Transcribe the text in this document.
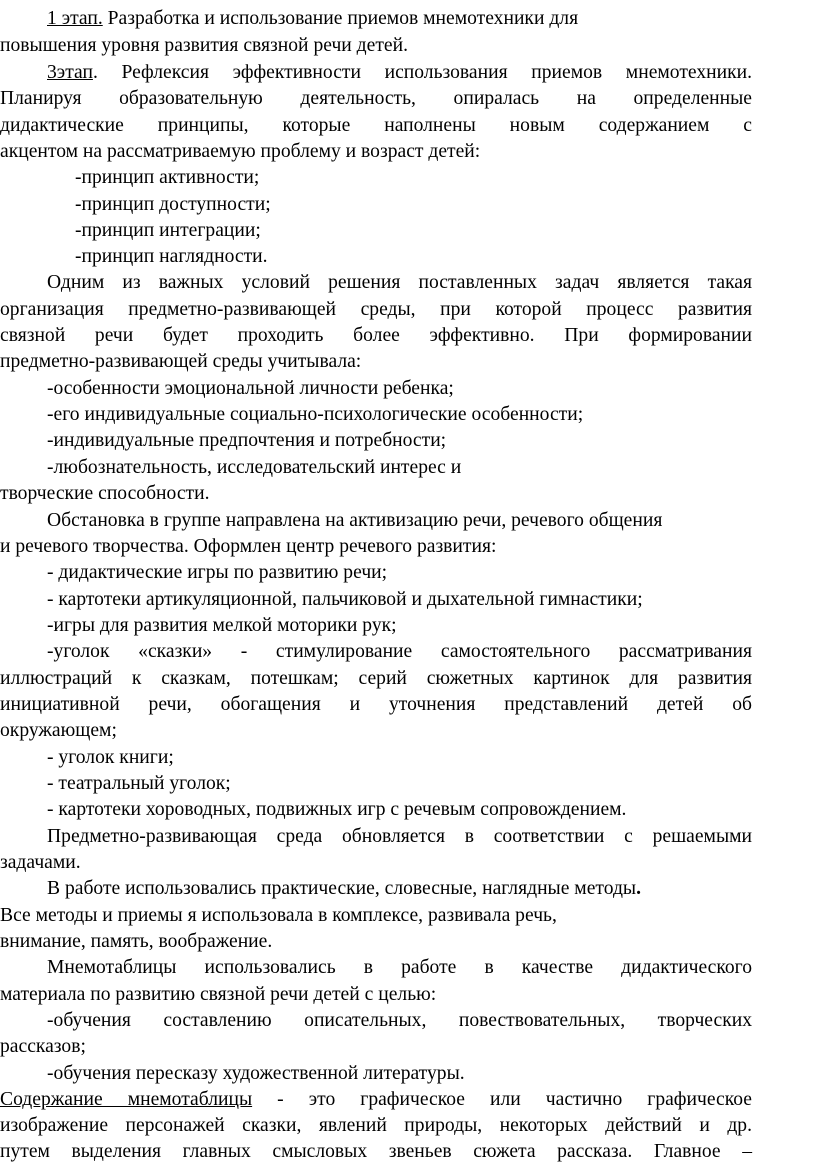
1 этап. Разработка и использование приемов мнемотехники для
повышения уровня развития связной речи детей.
3этап. Рефлексия эффективности использования приемов мнемотехники.
Планируя образовательную деятельность, опиралась на определенные
дидактические принципы, которые наполнены новым содержанием с
акцентом на рассматриваемую проблему и возраст детей:
-принцип активности;
-принцип доступности;
-принцип интеграции;
-принцип наглядности.
Одним из важных условий решения поставленных задач является такая
организация предметно-развивающей среды, при которой процесс развития
связной речи будет проходить более эффективно. При формировании
предметно-развивающей среды учитывала:
-особенности эмоциональной личности ребенка;
-его индивидуальные социально-психологические особенности;
-индивидуальные предпочтения и потребности;
-любознательность, исследовательский интерес и
творческие способности.
Обстановка в группе направлена на активизацию речи, речевого общения
и речевого творчества. Оформлен центр речевого развития:
- дидактические игры по развитию речи;
- картотеки артикуляционной, пальчиковой и дыхательной гимнастики;
-игры для развития мелкой моторики рук;
-уголок «сказки» - стимулирование самостоятельного рассматривания
иллюстраций к сказкам, потешкам; серий сюжетных картинок для развития
инициативной речи, обогащения и уточнения представлений детей об
окружающем;
- уголок книги;
- театральный уголок;
- картотеки хороводных, подвижных игр с речевым сопровождением.
Предметно-развивающая среда обновляется в соответствии с решаемыми
задачами.
В работе использовались практические, словесные, наглядные методы.
Все методы и приемы я использовала в комплексе, развивала речь,
внимание, память, воображение.
Мнемотаблицы использовались в работе в качестве дидактического
материала по развитию связной речи детей с целью:
-обучения составлению описательных, повествовательных, творческих
рассказов;
-обучения пересказу художественной литературы.
Содержание мнемотаблицы - это графическое или частично графическое
изображение персонажей сказки, явлений природы, некоторых действий и др.
путем выделения главных смысловых звеньев сюжета рассказа. Главное –
